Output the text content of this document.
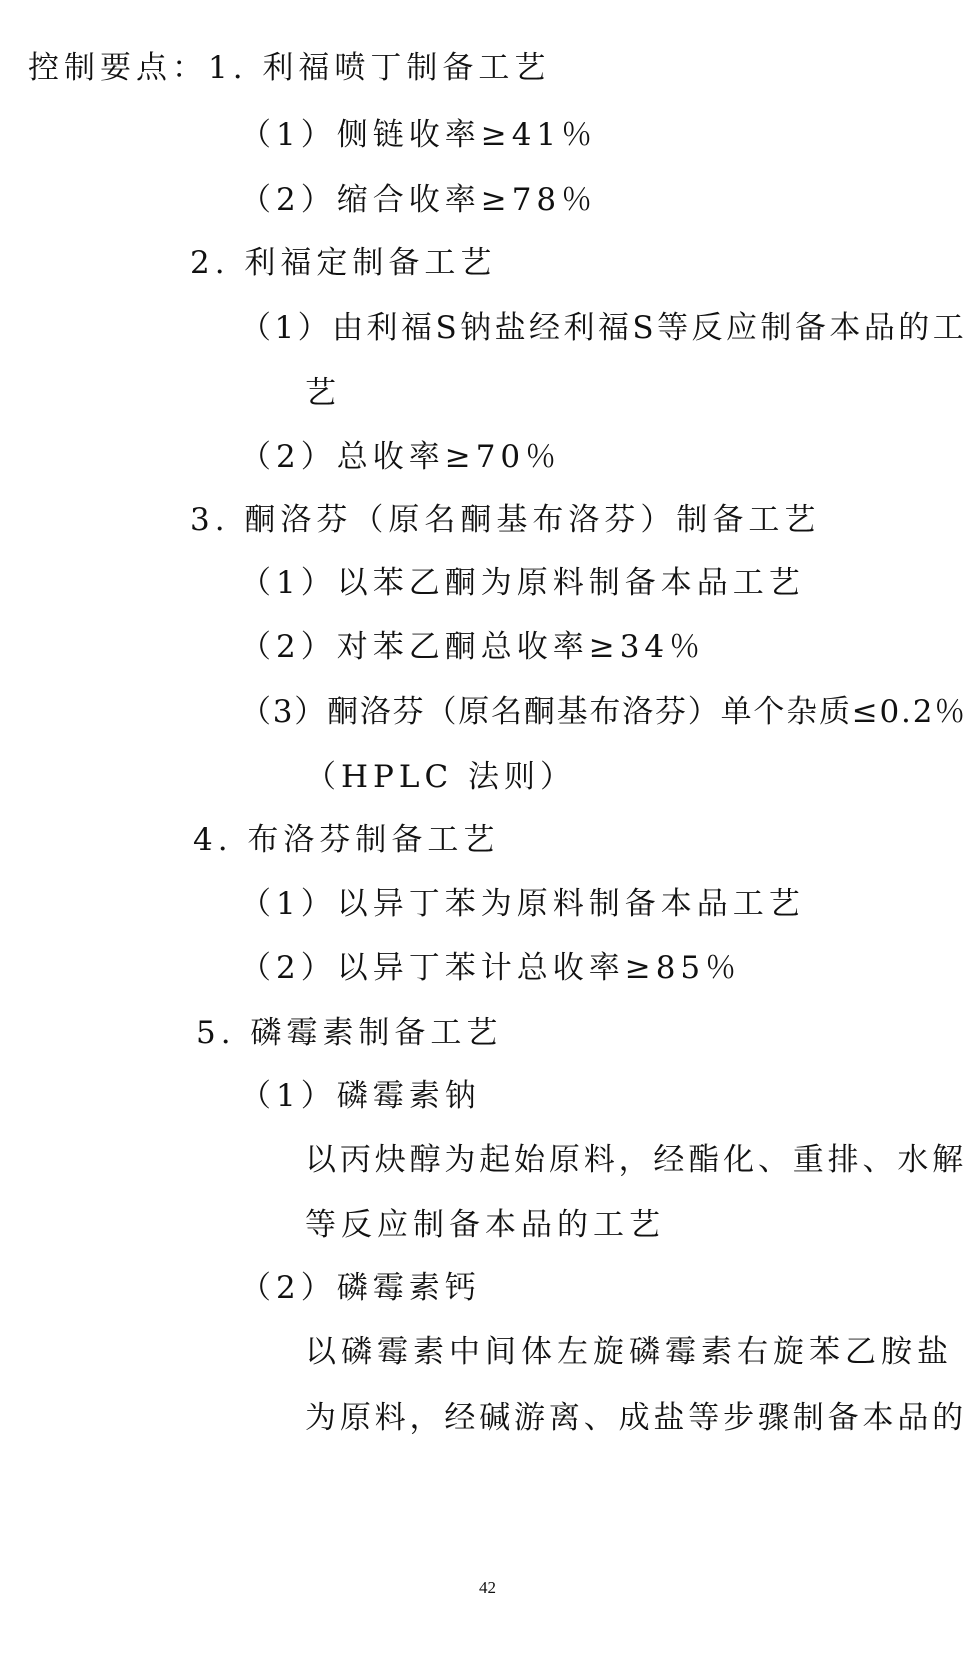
控制要点：1. 利福喷丁制备工艺
（1）侧链收率≥41％
（2）缩合收率≥78％
2. 利福定制备工艺
（1）由利福S钠盐经利福S等反应制备本品的工
艺
（2）总收率≥70％
3. 酮洛芬（原名酮基布洛芬）制备工艺
（1）以苯乙酮为原料制备本品工艺
（2）对苯乙酮总收率≥34％
（3）酮洛芬（原名酮基布洛芬）单个杂质≤0.2％
（HPLC 法则）
4. 布洛芬制备工艺
（1）以异丁苯为原料制备本品工艺
（2）以异丁苯计总收率≥85％
5. 磷霉素制备工艺
（1）磷霉素钠
以丙炔醇为起始原料，经酯化、重排、水解
等反应制备本品的工艺
（2）磷霉素钙
以磷霉素中间体左旋磷霉素右旋苯乙胺盐
为原料，经碱游离、成盐等步骤制备本品的
42
